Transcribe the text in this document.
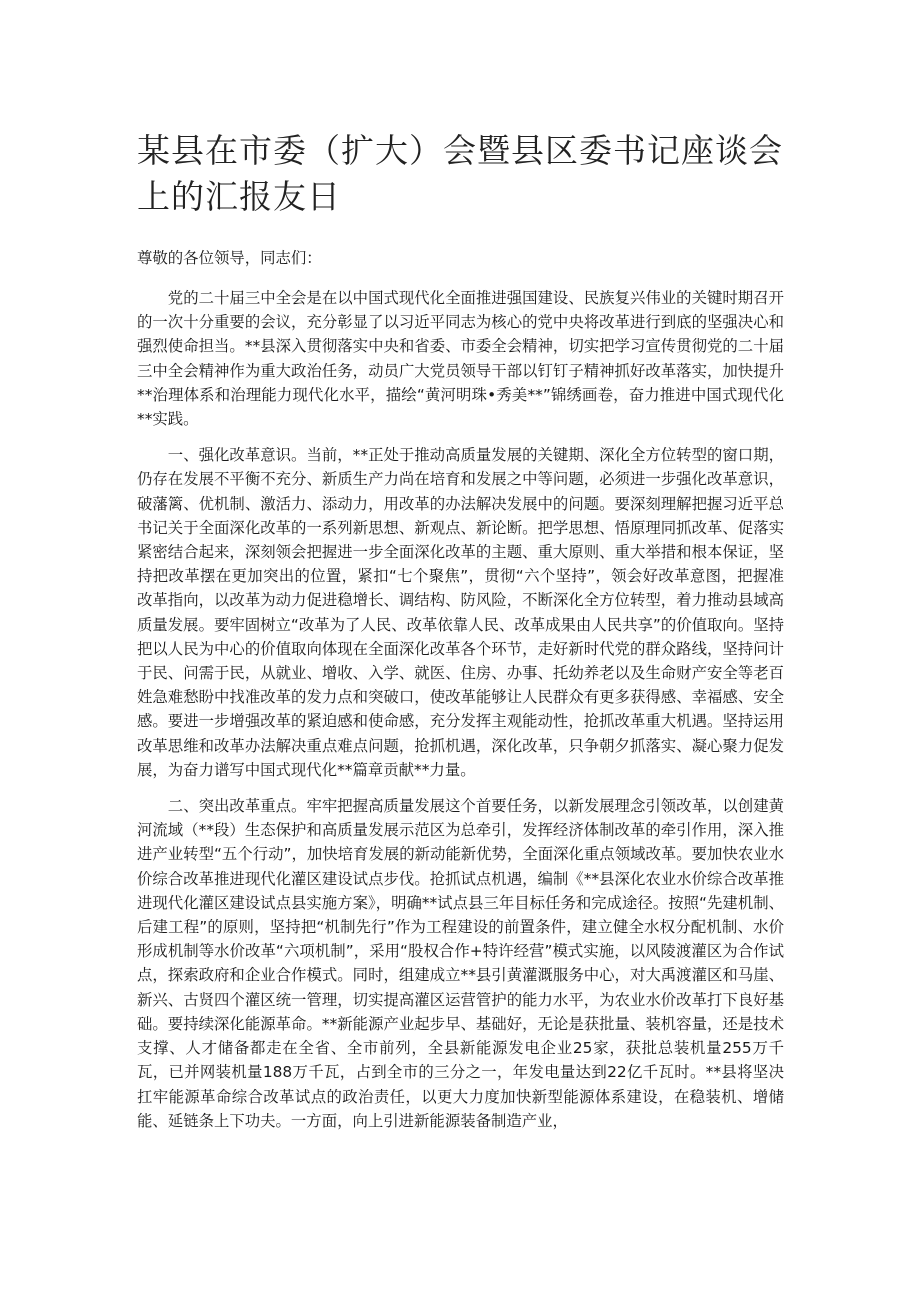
某县在市委（扩大）会暨县区委书记座谈会上的汇报友日

尊敬的各位领导，同志们：

党的二十届三中全会是在以中国式现代化全面推进强国建设、民族复兴伟业的关键时期召开的一次十分重要的会议，充分彰显了以习近平同志为核心的党中央将改革进行到底的坚强决心和强烈使命担当。**县深入贯彻落实中央和省委、市委全会精神，切实把学习宣传贯彻党的二十届三中全会精神作为重大政治任务，动员广大党员领导干部以钉钉子精神抓好改革落实，加快提升**治理体系和治理能力现代化水平，描绘“黄河明珠•秀美**”锦绣画卷，奋力推进中国式现代化**实践。

一、强化改革意识。当前，**正处于推动高质量发展的关键期、深化全方位转型的窗口期，仍存在发展不平衡不充分、新质生产力尚在培育和发展之中等问题，必须进一步强化改革意识，破藩篱、优机制、激活力、添动力，用改革的办法解决发展中的问题。要深刻理解把握习近平总书记关于全面深化改革的一系列新思想、新观点、新论断。把学思想、悟原理同抓改革、促落实紧密结合起来，深刻领会把握进一步全面深化改革的主题、重大原则、重大举措和根本保证，坚持把改革摆在更加突出的位置，紧扣“七个聚焦”，贯彻“六个坚持”，领会好改革意图，把握准改革指向，以改革为动力促进稳增长、调结构、防风险，不断深化全方位转型，着力推动县域高质量发展。要牢固树立“改革为了人民、改革依靠人民、改革成果由人民共享”的价值取向。坚持把以人民为中心的价值取向体现在全面深化改革各个环节，走好新时代党的群众路线，坚持问计于民、问需于民，从就业、增收、入学、就医、住房、办事、托幼养老以及生命财产安全等老百姓急难愁盼中找准改革的发力点和突破口，使改革能够让人民群众有更多获得感、幸福感、安全感。要进一步增强改革的紧迫感和使命感，充分发挥主观能动性，抢抓改革重大机遇。坚持运用改革思维和改革办法解决重点难点问题，抢抓机遇，深化改革，只争朝夕抓落实、凝心聚力促发展，为奋力谱写中国式现代化**篇章贡献**力量。

二、突出改革重点。牢牢把握高质量发展这个首要任务，以新发展理念引领改革，以创建黄河流域（**段）生态保护和高质量发展示范区为总牵引，发挥经济体制改革的牵引作用，深入推进产业转型“五个行动”，加快培育发展的新动能新优势，全面深化重点领域改革。要加快农业水价综合改革推进现代化灌区建设试点步伐。抢抓试点机遇，编制《**县深化农业水价综合改革推进现代化灌区建设试点县实施方案》，明确**试点县三年目标任务和完成途径。按照“先建机制、后建工程”的原则，坚持把“机制先行”作为工程建设的前置条件，建立健全水权分配机制、水价形成机制等水价改革“六项机制”，采用“股权合作+特许经营”模式实施，以风陵渡灌区为合作试点，探索政府和企业合作模式。同时，组建成立**县引黄灌溉服务中心，对大禹渡灌区和马崖、新兴、古贤四个灌区统一管理，切实提高灌区运营管护的能力水平，为农业水价改革打下良好基础。要持续深化能源革命。**新能源产业起步早、基础好，无论是获批量、装机容量，还是技术支撑、人才储备都走在全省、全市前列，全县新能源发电企业25家，获批总装机量255万千瓦，已并网装机量188万千瓦，占到全市的三分之一，年发电量达到22亿千瓦时。**县将坚决扛牢能源革命综合改革试点的政治责任，以更大力度加快新型能源体系建设，在稳装机、增储能、延链条上下功夫。一方面，向上引进新能源装备制造产业，
